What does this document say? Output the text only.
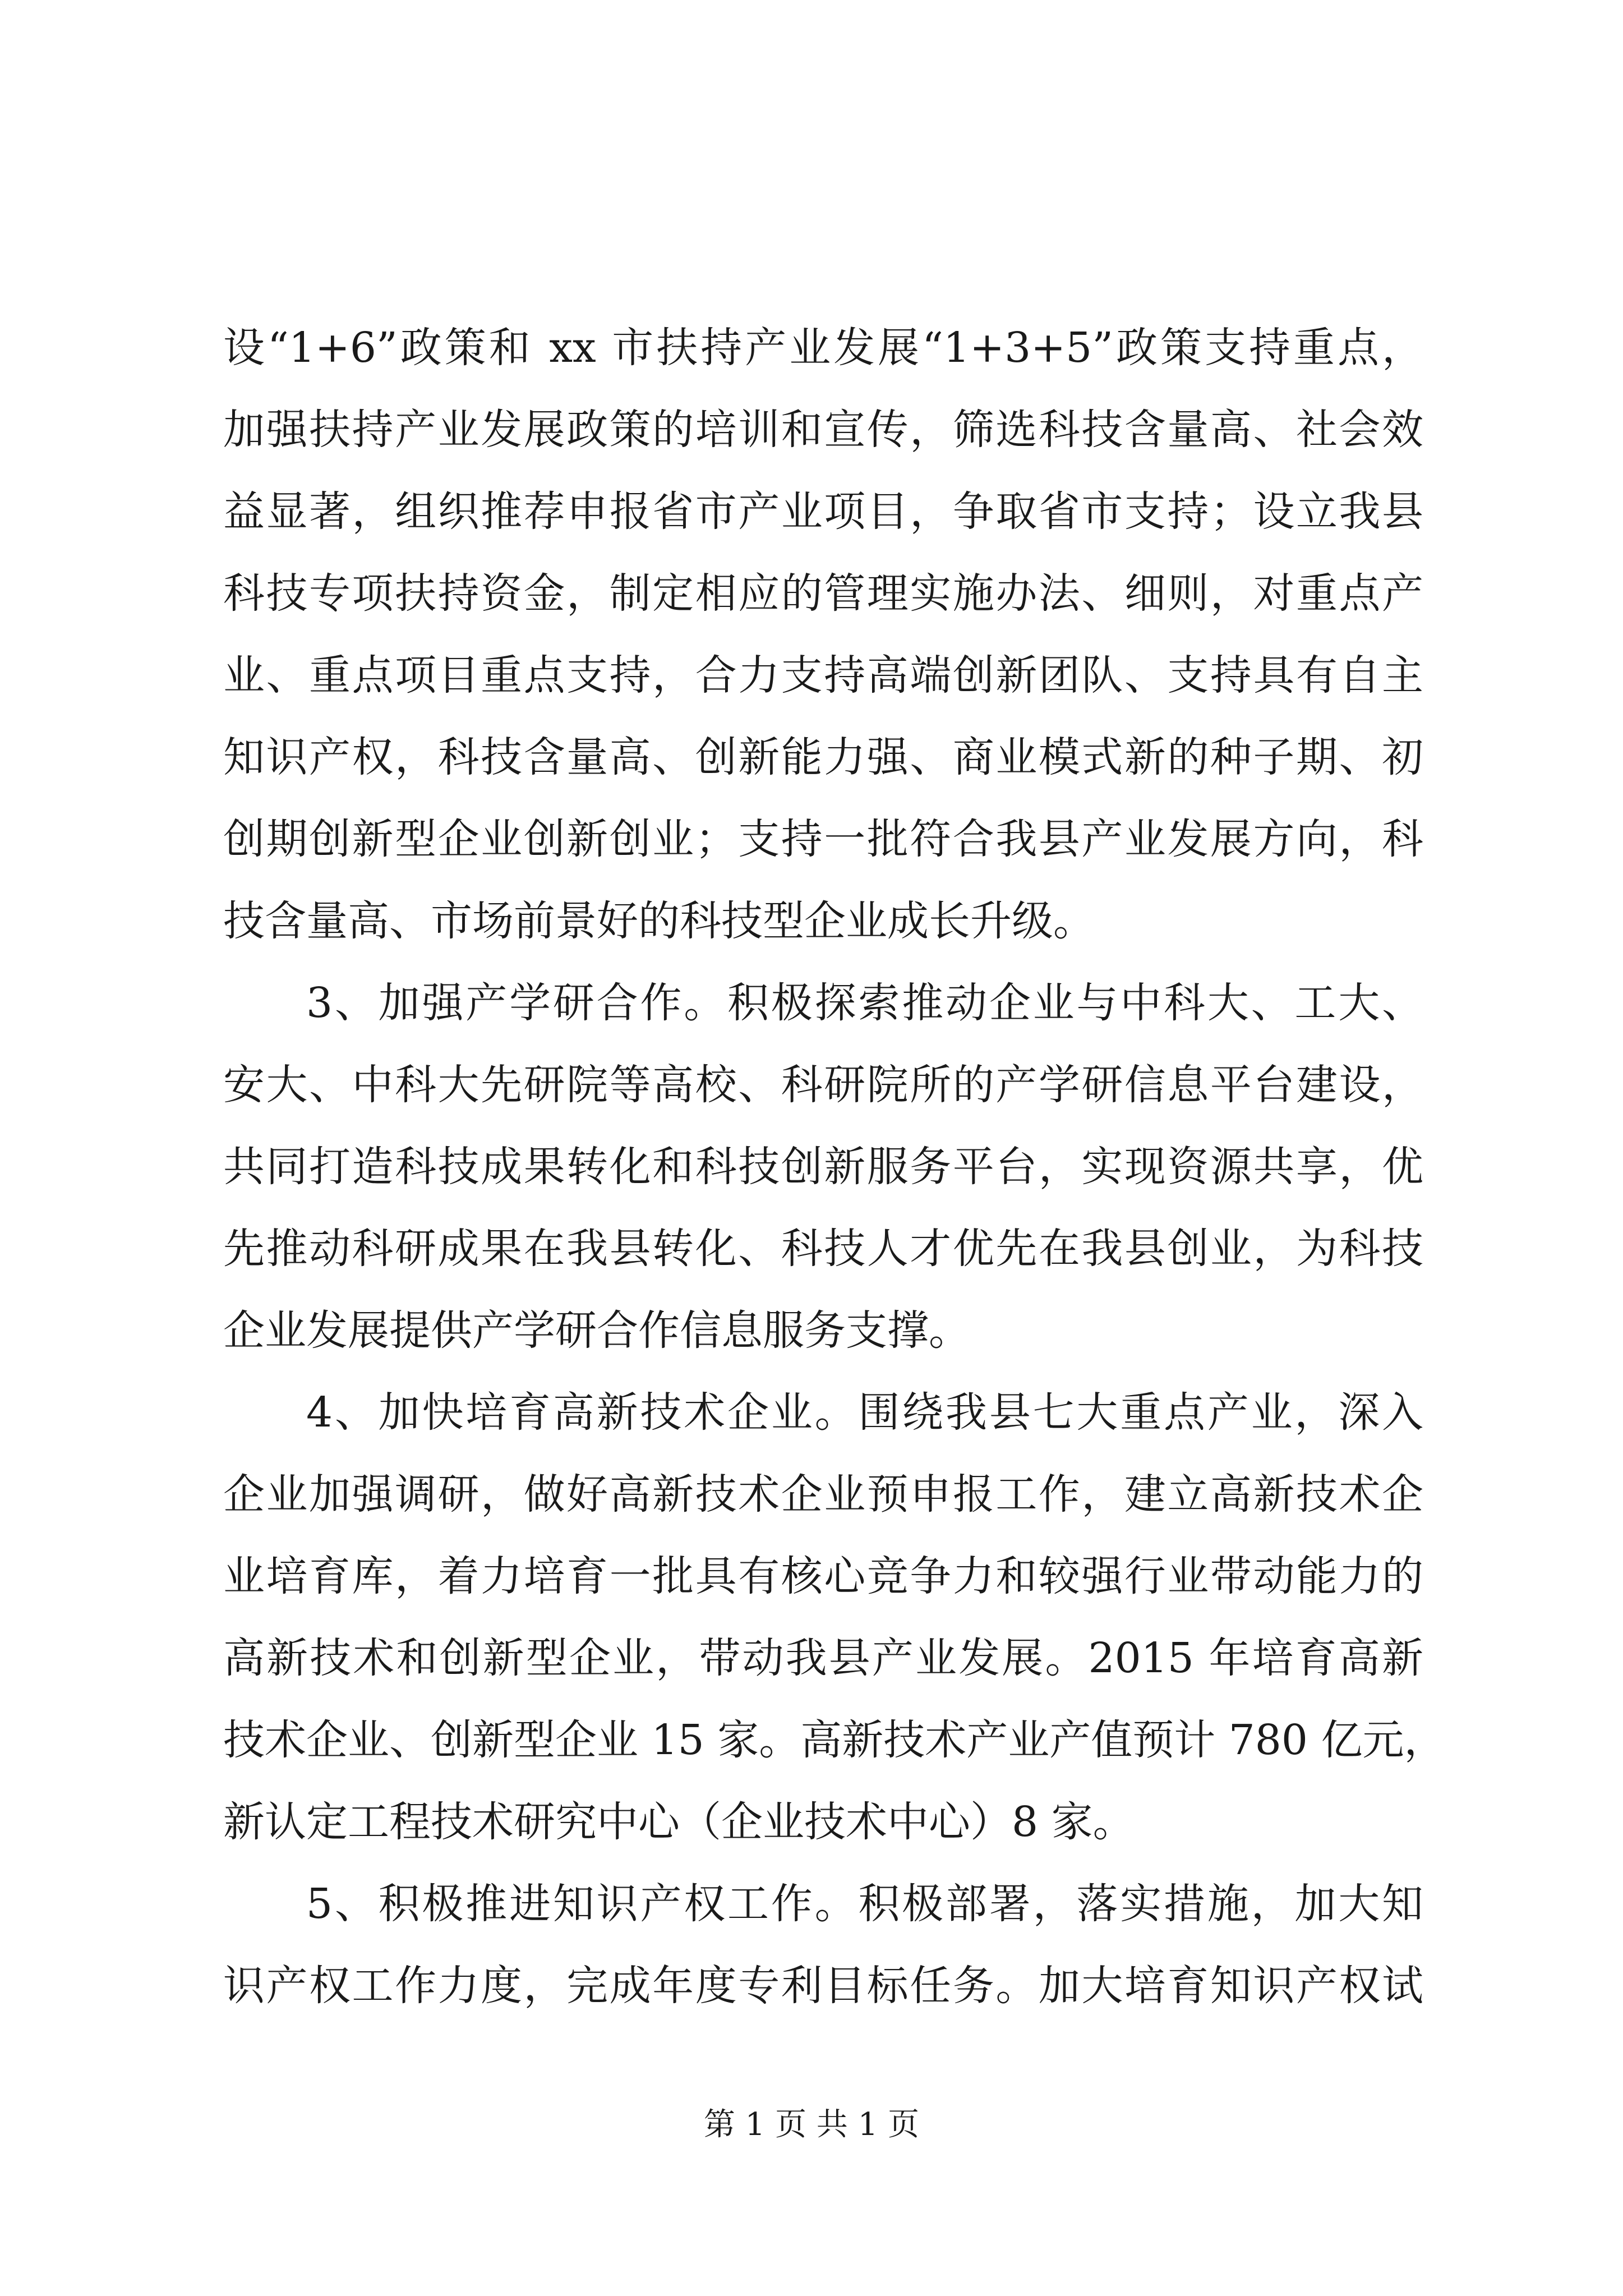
设“1+6”政策和 xx 市扶持产业发展“1+3+5”政策支持重点，
加强扶持产业发展政策的培训和宣传，筛选科技含量高、社会效
益显著，组织推荐申报省市产业项目，争取省市支持；设立我县
科技专项扶持资金，制定相应的管理实施办法、细则，对重点产
业、重点项目重点支持，合力支持高端创新团队、支持具有自主
知识产权，科技含量高、创新能力强、商业模式新的种子期、初
创期创新型企业创新创业；支持一批符合我县产业发展方向，科
技含量高、市场前景好的科技型企业成长升级。
3、加强产学研合作。积极探索推动企业与中科大、工大、
安大、中科大先研院等高校、科研院所的产学研信息平台建设，
共同打造科技成果转化和科技创新服务平台，实现资源共享，优
先推动科研成果在我县转化、科技人才优先在我县创业，为科技
企业发展提供产学研合作信息服务支撑。
4、加快培育高新技术企业。围绕我县七大重点产业，深入
企业加强调研，做好高新技术企业预申报工作，建立高新技术企
业培育库，着力培育一批具有核心竞争力和较强行业带动能力的
高新技术和创新型企业，带动我县产业发展。2015 年培育高新
技术企业、创新型企业 15 家。高新技术产业产值预计 780 亿元，
新认定工程技术研究中心（企业技术中心）8 家。
5、积极推进知识产权工作。积极部署，落实措施，加大知
识产权工作力度，完成年度专利目标任务。加大培育知识产权试
第 1 页 共 1 页
